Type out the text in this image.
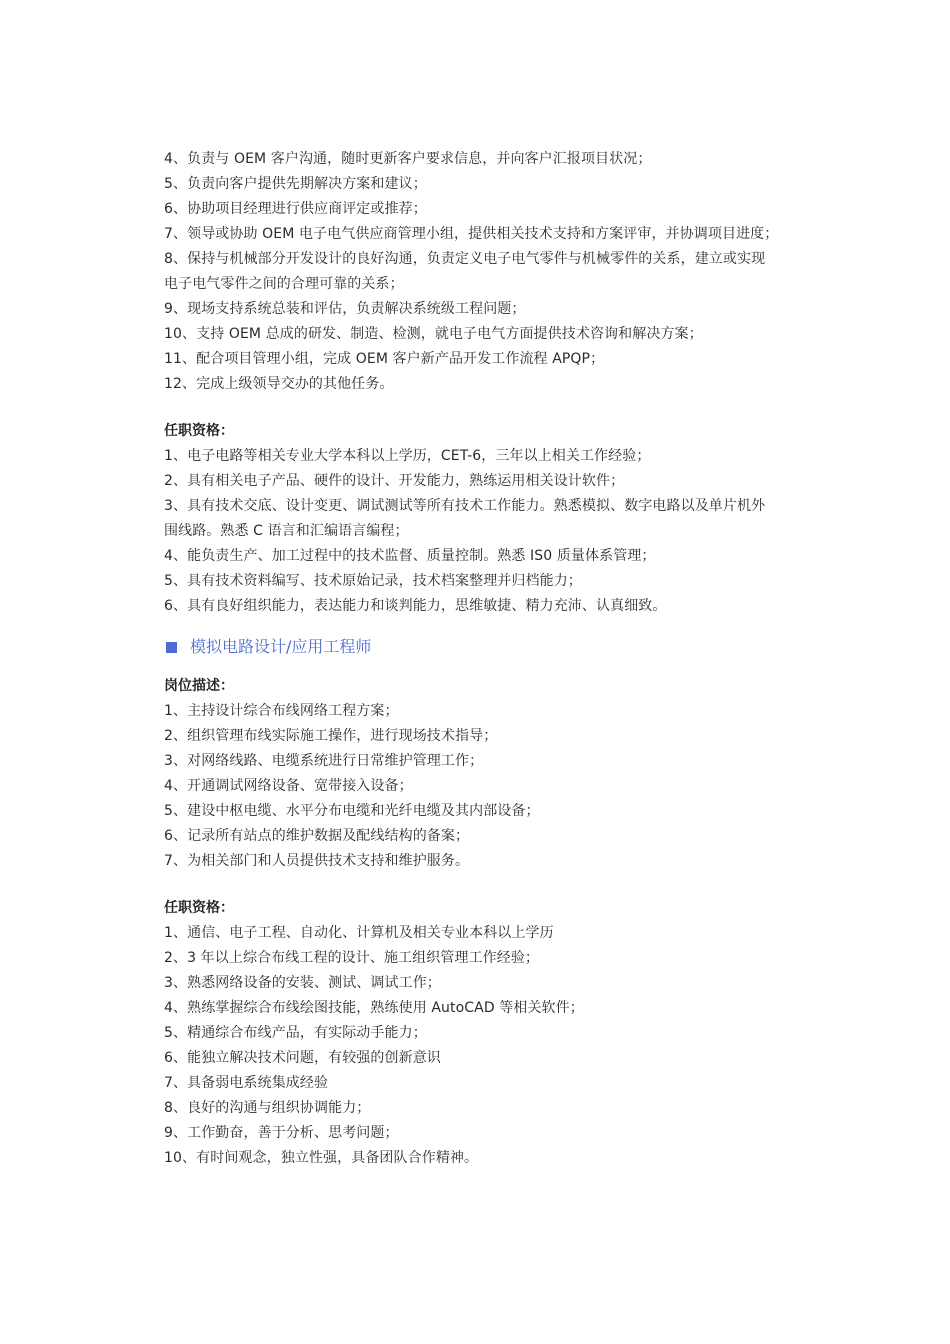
4、负责与 OEM 客户沟通，随时更新客户要求信息，并向客户汇报项目状况；
5、负责向客户提供先期解决方案和建议；
6、协助项目经理进行供应商评定或推荐；
7、领导或协助 OEM 电子电气供应商管理小组，提供相关技术支持和方案评审，并协调项目进度；
8、保持与机械部分开发设计的良好沟通，负责定义电子电气零件与机械零件的关系，建立或实现电子电气零件之间的合理可靠的关系；
9、现场支持系统总装和评估，负责解决系统级工程问题；
10、支持 OEM 总成的研发、制造、检测，就电子电气方面提供技术咨询和解决方案；
11、配合项目管理小组，完成 OEM 客户新产品开发工作流程 APQP；
12、完成上级领导交办的其他任务。
任职资格：
1、电子电路等相关专业大学本科以上学历，CET-6，三年以上相关工作经验；
2、具有相关电子产品、硬件的设计、开发能力，熟练运用相关设计软件；
3、具有技术交底、设计变更、调试测试等所有技术工作能力。熟悉模拟、数字电路以及单片机外围线路。熟悉 C 语言和汇编语言编程；
4、能负责生产、加工过程中的技术监督、质量控制。熟悉 IS0 质量体系管理；
5、具有技术资料编写、技术原始记录，技术档案整理并归档能力；
6、具有良好组织能力，表达能力和谈判能力，思维敏捷、精力充沛、认真细致。
模拟电路设计/应用工程师
岗位描述：
1、主持设计综合布线网络工程方案；
2、组织管理布线实际施工操作，进行现场技术指导；
3、对网络线路、电缆系统进行日常维护管理工作；
4、开通调试网络设备、宽带接入设备；
5、建设中枢电缆、水平分布电缆和光纤电缆及其内部设备；
6、记录所有站点的维护数据及配线结构的备案；
7、为相关部门和人员提供技术支持和维护服务。
任职资格：
1、通信、电子工程、自动化、计算机及相关专业本科以上学历
2、3 年以上综合布线工程的设计、施工组织管理工作经验；
3、熟悉网络设备的安装、测试、调试工作；
4、熟练掌握综合布线绘图技能，熟练使用 AutoCAD 等相关软件；
5、精通综合布线产品，有实际动手能力；
6、能独立解决技术问题，有较强的创新意识
7、具备弱电系统集成经验
8、良好的沟通与组织协调能力；
9、工作勤奋，善于分析、思考问题；
10、有时间观念，独立性强，具备团队合作精神。
